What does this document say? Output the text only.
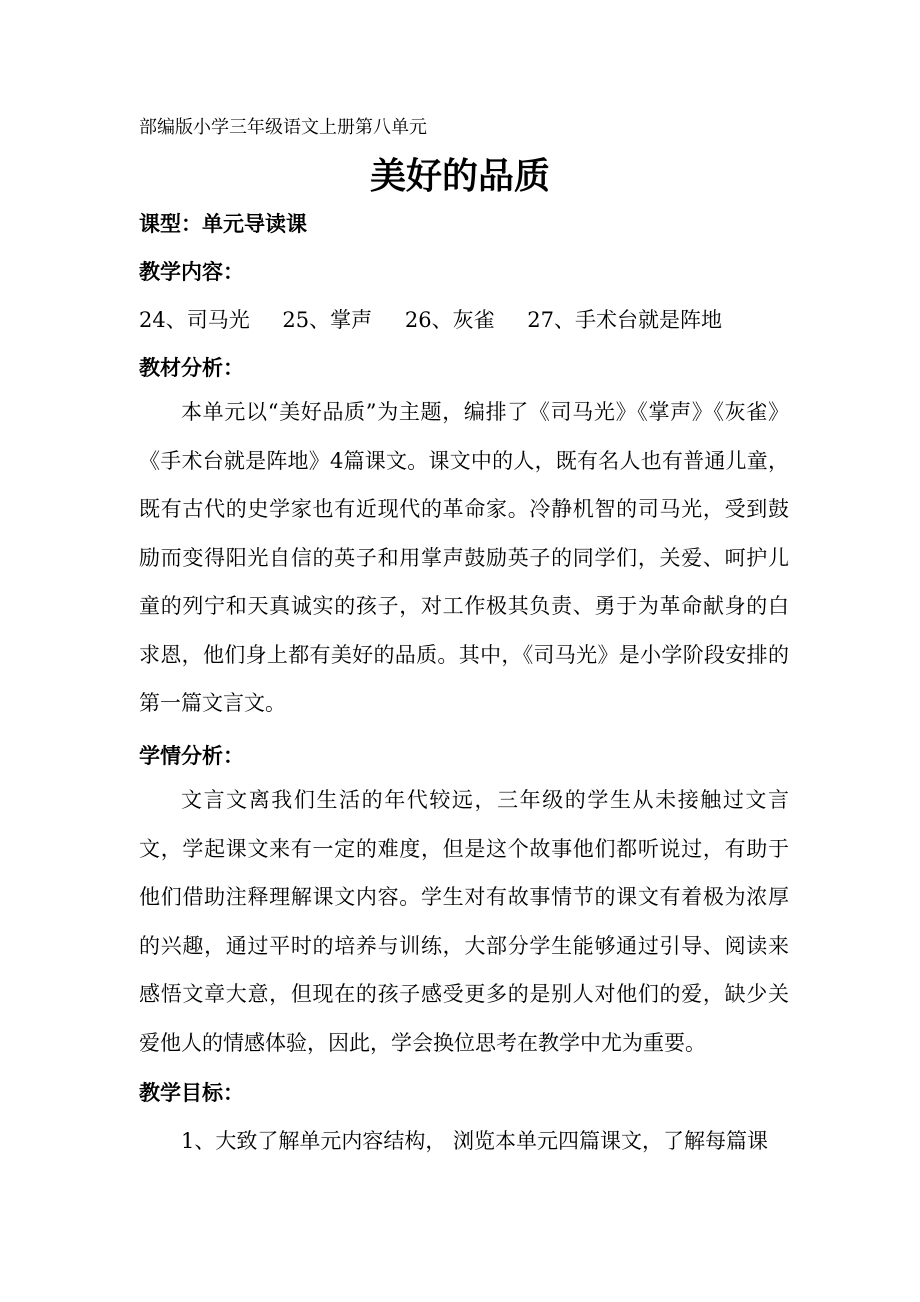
部编版小学三年级语文上册第八单元
美好的品质
课型：单元导读课
教学内容：
24、司马光 25、掌声 26、灰雀 27、手术台就是阵地
教材分析：
本单元以“美好品质”为主题，编排了《司马光》《掌声》《灰雀》《手术台就是阵地》4篇课文。课文中的人，既有名人也有普通儿童，既有古代的史学家也有近现代的革命家。冷静机智的司马光，受到鼓励而变得阳光自信的英子和用掌声鼓励英子的同学们，关爱、呵护儿童的列宁和天真诚实的孩子，对工作极其负责、勇于为革命献身的白求恩，他们身上都有美好的品质。其中，《司马光》是小学阶段安排的第一篇文言文。
学情分析：
文言文离我们生活的年代较远，三年级的学生从未接触过文言文，学起课文来有一定的难度，但是这个故事他们都听说过，有助于他们借助注释理解课文内容。学生对有故事情节的课文有着极为浓厚的兴趣，通过平时的培养与训练，大部分学生能够通过引导、阅读来感悟文章大意，但现在的孩子感受更多的是别人对他们的爱，缺少关爱他人的情感体验，因此，学会换位思考在教学中尤为重要。
教学目标：
1、大致了解单元内容结构， 浏览本单元四篇课文，了解每篇课
